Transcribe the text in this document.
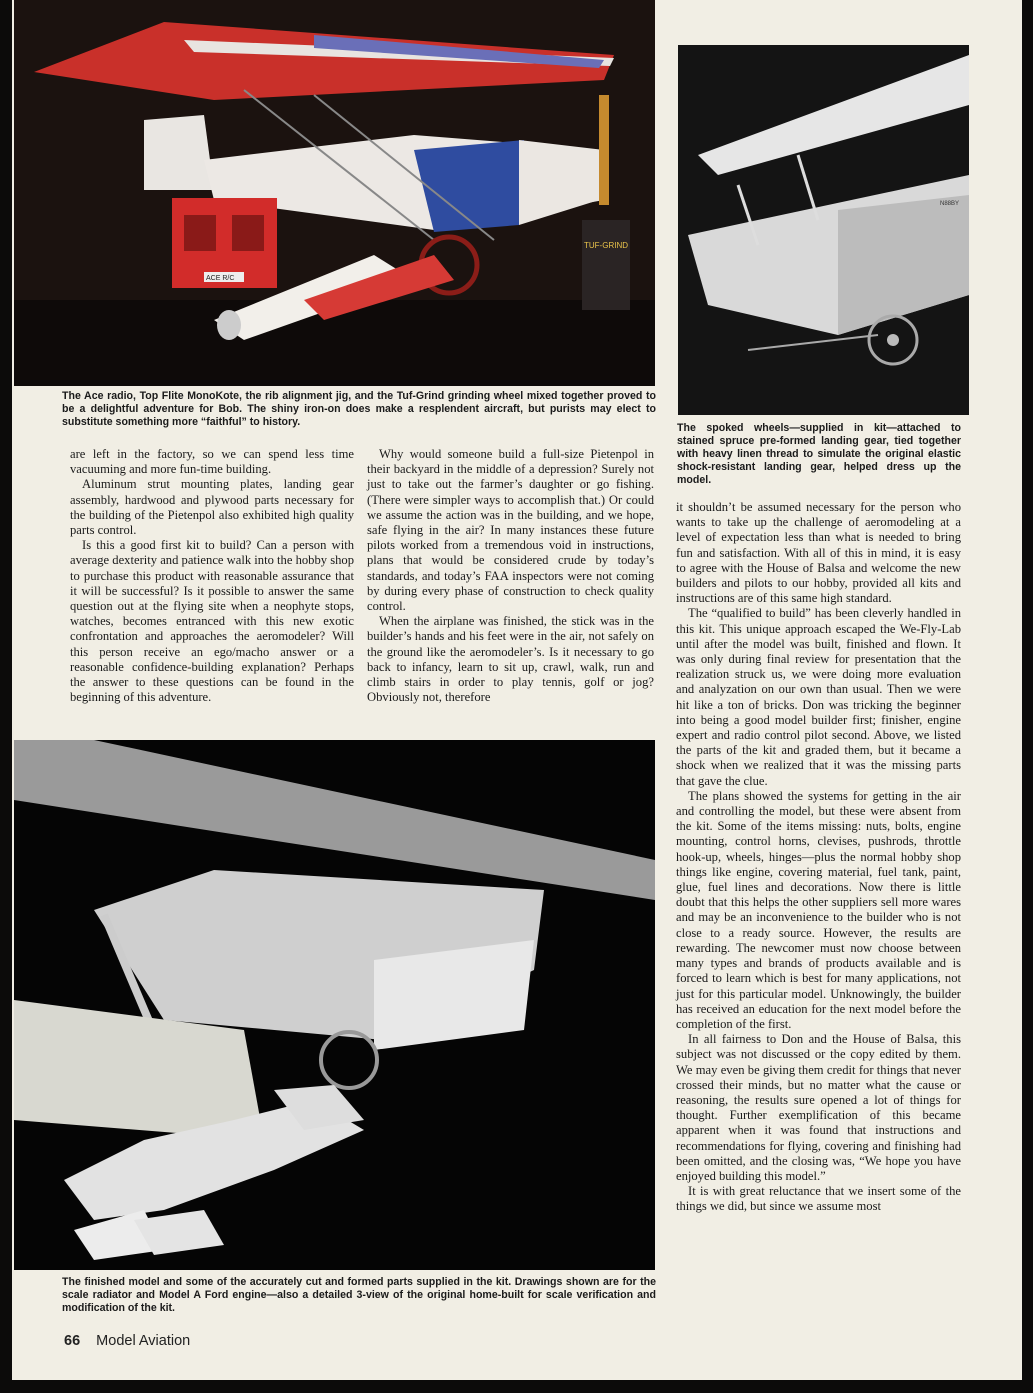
ACE R/C
TUF-GRIND
N88BY
The Ace radio, Top Flite MonoKote, the rib alignment jig, and the Tuf-Grind grinding wheel mixed together proved to be a delightful adventure for Bob. The shiny iron-on does make a resplendent aircraft, but purists may elect to substitute something more “faithful” to history.	The spoked wheels—supplied in kit—attached to stained spruce pre-formed landing gear, tied together with heavy linen thread to simulate the original elastic shock-resistant landing gear, helped dress up the model.
The finished model and some of the accurately cut and formed parts supplied in the kit. Drawings shown are for the scale radiator and Model A Ford engine—also a detailed 3-view of the original home-built for scale verification and modification of the kit.

are left in the factory, so we can spend less time vacuuming and more fun-time building.

Aluminum strut mounting plates, landing gear assembly, hardwood and plywood parts necessary for the building of the Pietenpol also exhibited high quality parts control.

Is this a good first kit to build? Can a person with average dexterity and patience walk into the hobby shop to purchase this product with reasonable assurance that it will be successful? Is it possible to answer the same question out at the flying site when a neophyte stops, watches, becomes entranced with this new exotic confrontation and approaches the aeromodeler? Will this person receive an ego/macho answer or a reasonable confidence-building explanation? Perhaps the answer to these questions can be found in the beginning of this adventure.

Why would someone build a full-size Pietenpol in their backyard in the middle of a depression? Surely not just to take out the farmer’s daughter or go fishing. (There were simpler ways to accomplish that.) Or could we assume the action was in the building, and we hope, safe flying in the air? In many instances these future pilots worked from a tremendous void in instructions, plans that would be considered crude by today’s standards, and today’s FAA inspectors were not coming by during every phase of construction to check quality control.

When the airplane was finished, the stick was in the builder’s hands and his feet were in the air, not safely on the ground like the aeromodeler’s. Is it necessary to go back to infancy, learn to sit up, crawl, walk, run and climb stairs in order to play tennis, golf or jog? Obviously not, therefore

it shouldn’t be assumed necessary for the person who wants to take up the challenge of aeromodeling at a level of expectation less than what is needed to bring fun and satisfaction. With all of this in mind, it is easy to agree with the House of Balsa and welcome the new builders and pilots to our hobby, provided all kits and instructions are of this same high standard.

The “qualified to build” has been cleverly handled in this kit. This unique approach escaped the We-Fly-Lab until after the model was built, finished and flown. It was only during final review for presentation that the realization struck us, we were doing more evaluation and analyzation on our own than usual. Then we were hit like a ton of bricks. Don was tricking the beginner into being a good model builder first; finisher, engine expert and radio control pilot second. Above, we listed the parts of the kit and graded them, but it became a shock when we realized that it was the missing parts that gave the clue.

The plans showed the systems for getting in the air and controlling the model, but these were absent from the kit. Some of the items missing: nuts, bolts, engine mounting, control horns, clevises, pushrods, throttle hook-up, wheels, hinges—plus the normal hobby shop things like engine, covering material, fuel tank, paint, glue, fuel lines and decorations. Now there is little doubt that this helps the other suppliers sell more wares and may be an inconvenience to the builder who is not close to a ready source. However, the results are rewarding. The newcomer must now choose between many types and brands of products available and is forced to learn which is best for many applications, not just for this particular model. Unknowingly, the builder has received an education for the next model before the completion of the first.

In all fairness to Don and the House of Balsa, this subject was not discussed or the copy edited by them. We may even be giving them credit for things that never crossed their minds, but no matter what the cause or reasoning, the results sure opened a lot of things for thought. Further exemplification of this became apparent when it was found that instructions and recommendations for flying, covering and finishing had been omitted, and the closing was, “We hope you have enjoyed building this model.”

It is with great reluctance that we insert some of the things we did, but since we assume most

66 Model Aviation
